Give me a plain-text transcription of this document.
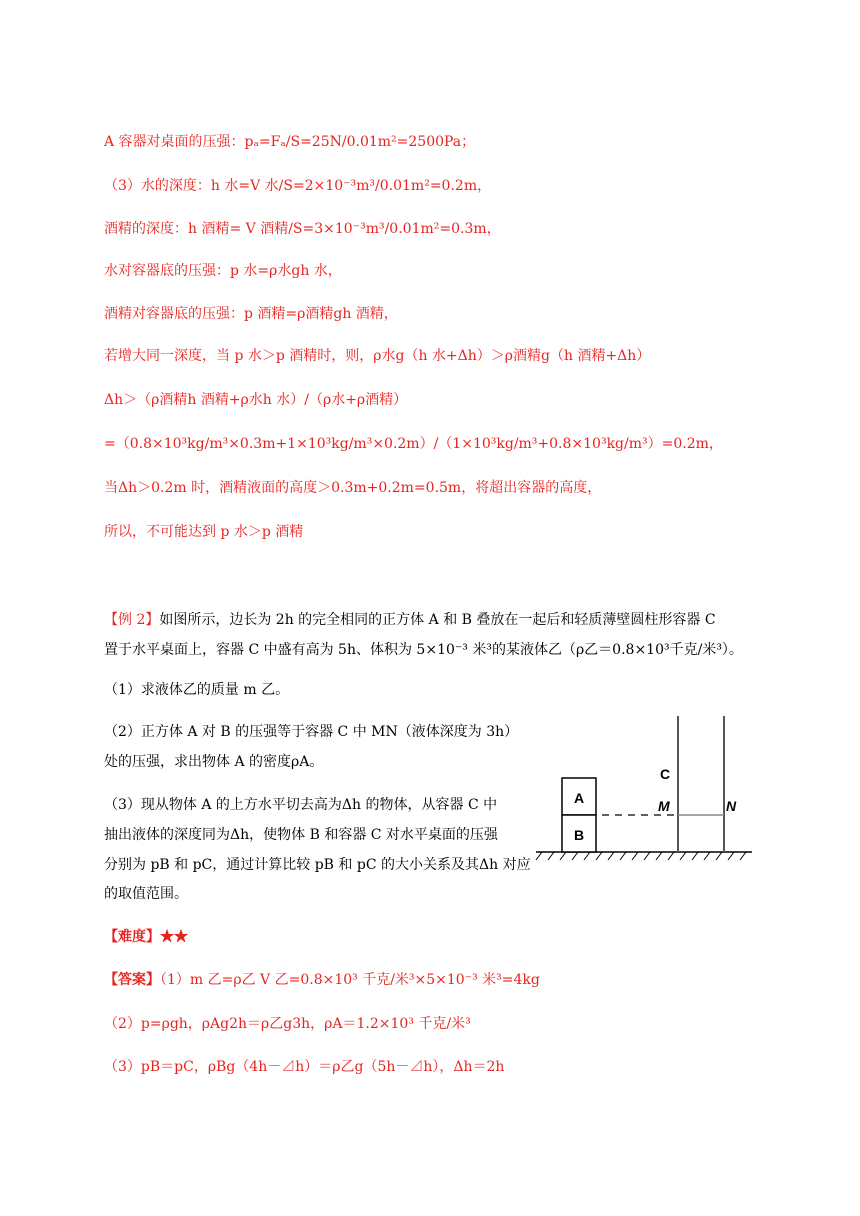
A 容器对桌面的压强：pₐ=Fₐ/S=25N/0.01m²=2500Pa；
（3）水的深度：h 水=V 水/S=2×10⁻³m³/0.01m²=0.2m，
酒精的深度：h 酒精= V 酒精/S=3×10⁻³m³/0.01m²=0.3m，
水对容器底的压强：p 水=ρ水gh 水，
酒精对容器底的压强：p 酒精=ρ酒精gh 酒精，
若增大同一深度，当 p 水＞p 酒精时，则，ρ水g（h 水+Δh）＞ρ酒精g（h 酒精+Δh）
Δh＞（ρ酒精h 酒精+ρ水h 水）/（ρ水+ρ酒精）
=（0.8×10³kg/m³×0.3m+1×10³kg/m³×0.2m）/（1×10³kg/m³+0.8×10³kg/m³）=0.2m，
当Δh＞0.2m 时，酒精液面的高度＞0.3m+0.2m=0.5m，将超出容器的高度，
所以，不可能达到 p 水＞p 酒精
【例 2】如图所示，边长为 2h 的完全相同的正方体 A 和 B 叠放在一起后和轻质薄壁圆柱形容器 C
置于水平桌面上，容器 C 中盛有高为 5h、体积为 5×10⁻³ 米³的某液体乙（ρ乙＝0.8×10³千克/米³）。
（1）求液体乙的质量 m 乙。
（2）正方体 A 对 B 的压强等于容器 C 中 MN（液体深度为 3h）
处的压强，求出物体 A 的密度ρA。
（3）现从物体 A 的上方水平切去高为Δh 的物体，从容器 C 中
抽出液体的深度同为Δh，使物体 B 和容器 C 对水平桌面的压强
分别为 pB 和 pC，通过计算比较 pB 和 pC 的大小关系及其Δh 对应
的取值范围。
【难度】★★
【答案】（1）m 乙=ρ乙 V 乙=0.8×10³ 千克/米³×5×10⁻³ 米³=4kg
（2）p=ρgh，ρAg2h＝ρ乙g3h，ρA＝1.2×10³ 千克/米³
（3）pB＝pC，ρBg（4h－⊿h）＝ρ乙g（5h－⊿h），Δh＝2h
A
B
C
M	N
